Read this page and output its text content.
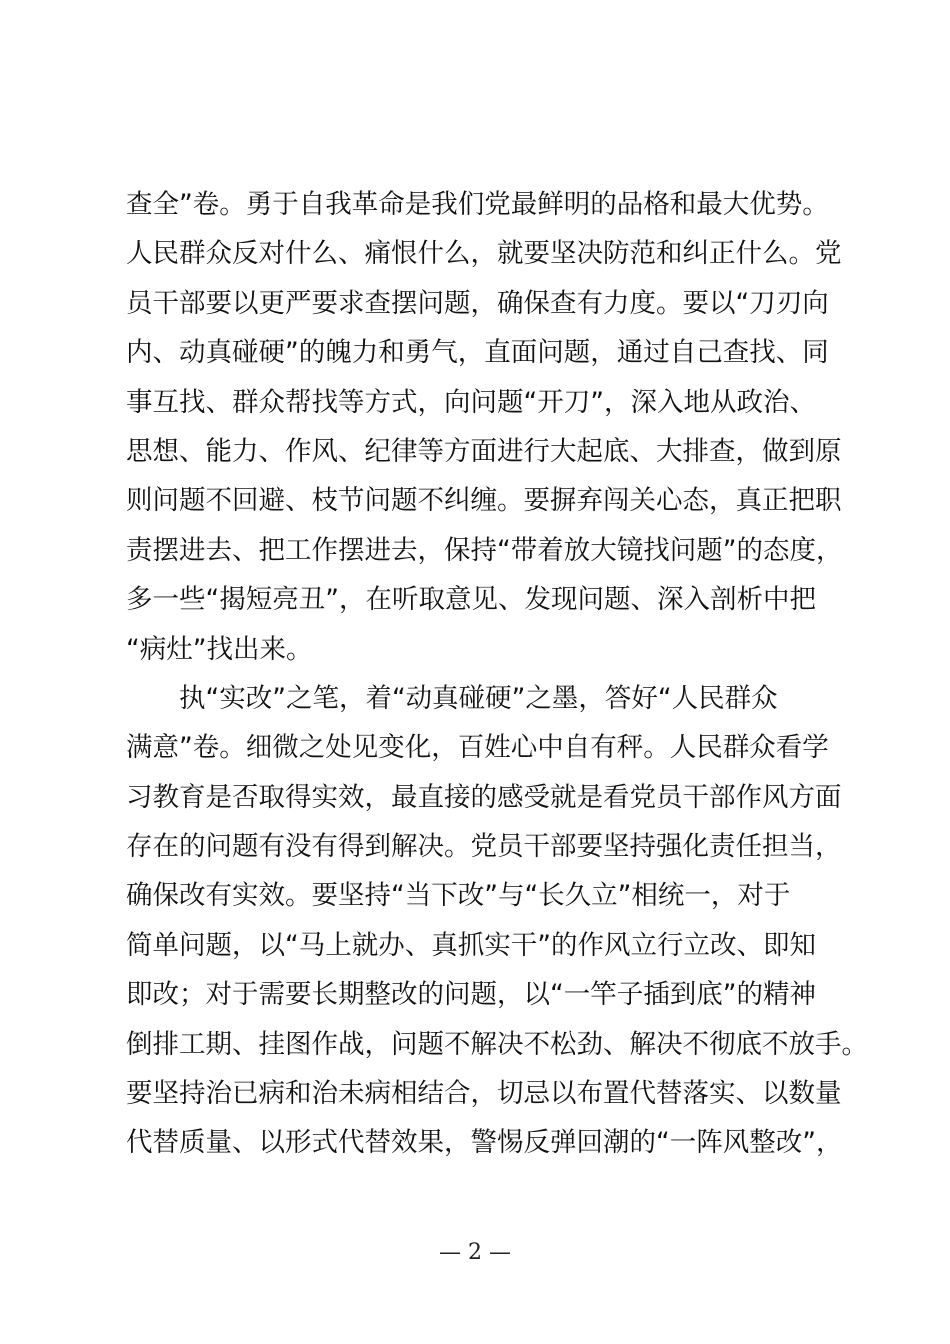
查全”卷。勇于自我革命是我们党最鲜明的品格和最大优势。
人民群众反对什么、痛恨什么，就要坚决防范和纠正什么。党
员干部要以更严要求查摆问题，确保查有力度。要以“刀刃向
内、动真碰硬”的魄力和勇气，直面问题，通过自己查找、同
事互找、群众帮找等方式，向问题“开刀”，深入地从政治、
思想、能力、作风、纪律等方面进行大起底、大排查，做到原
则问题不回避、枝节问题不纠缠。要摒弃闯关心态，真正把职
责摆进去、把工作摆进去，保持“带着放大镜找问题”的态度，
多一些“揭短亮丑”，在听取意见、发现问题、深入剖析中把
“病灶”找出来。
　　执“实改”之笔，着“动真碰硬”之墨，答好“人民群众
满意”卷。细微之处见变化，百姓心中自有秤。人民群众看学
习教育是否取得实效，最直接的感受就是看党员干部作风方面
存在的问题有没有得到解决。党员干部要坚持强化责任担当，
确保改有实效。要坚持“当下改”与“长久立”相统一，对于
简单问题，以“马上就办、真抓实干”的作风立行立改、即知
即改；对于需要长期整改的问题，以“一竿子插到底”的精神
倒排工期、挂图作战，问题不解决不松劲、解决不彻底不放手。
要坚持治已病和治未病相结合，切忌以布置代替落实、以数量
代替质量、以形式代替效果，警惕反弹回潮的“一阵风整改”，
— 2 —
